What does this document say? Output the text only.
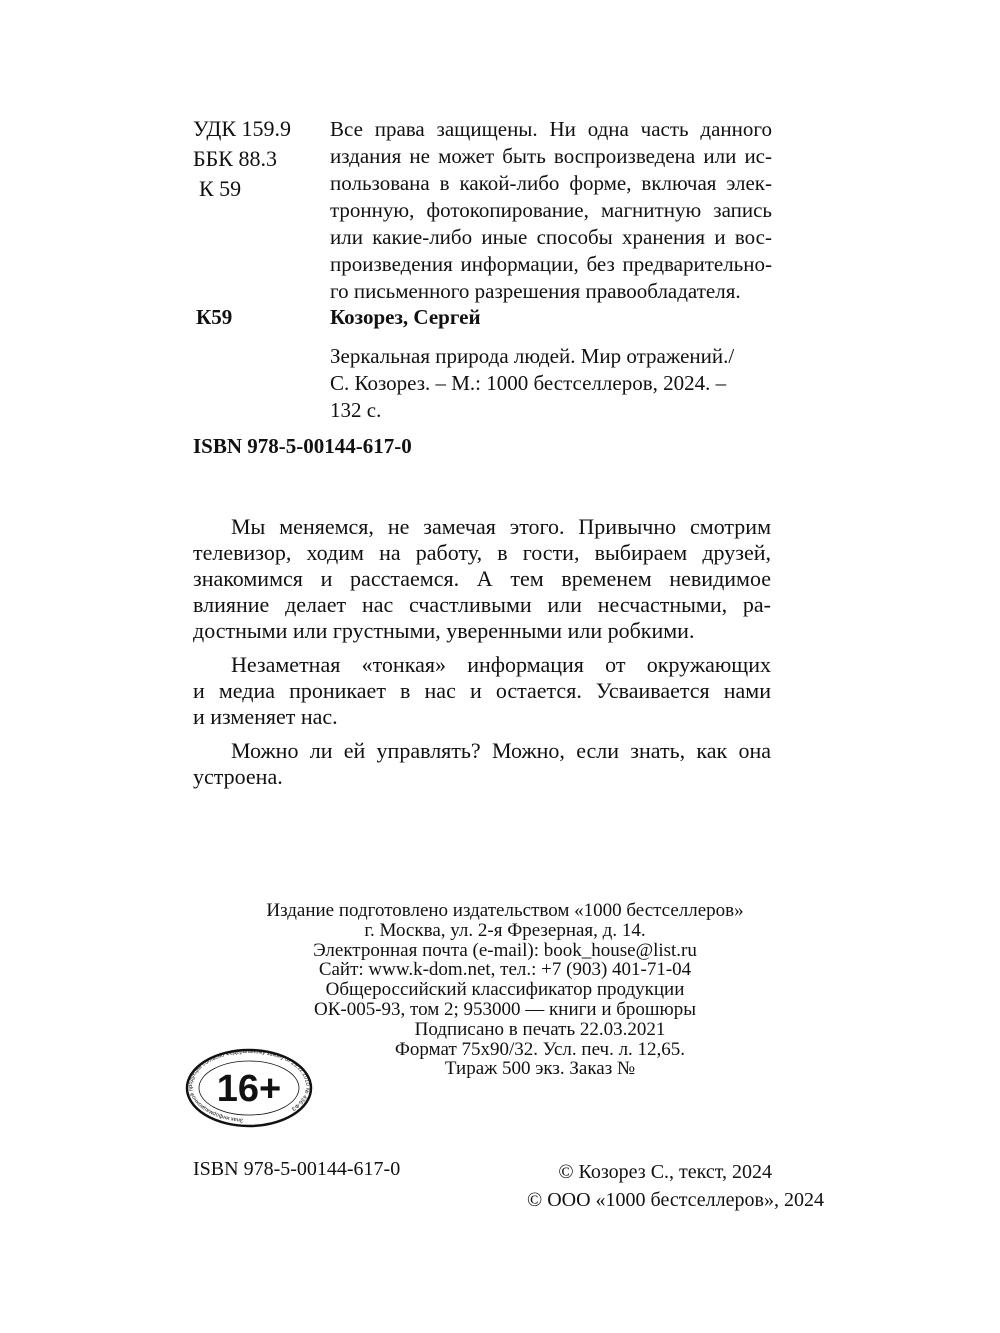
УДК 159.9
ББК 88.3
К 59
Все права защищены. Ни одна часть данного
издания не может быть воспроизведена или ис-
пользована в какой-либо форме, включая элек-
тронную, фотокопирование, магнитную запись
или какие-либо иные способы хранения и вос-
произведения информации, без предварительно-
го письменного разрешения правообладателя.
К59	Козорез, Сергей
Зеркальная природа людей. Мир отражений./
С. Козорез. – М.: 1000 бестселлеров, 2024. –
132 с.
ISBN 978-5-00144-617-0
Мы меняемся, не замечая этого. Привычно смотрим
телевизор, ходим на работу, в гости, выбираем друзей,
знакомимся и расстаемся. А тем временем невидимое
влияние делает нас счастливыми или несчастными, ра-
достными или грустными, уверенными или робкими.
Незаметная «тонкая» информация от окружающих
и медиа проникает в нас и остается. Усваивается нами
и изменяет нас.
Можно ли ей управлять? Можно, если знать, как она
устроена.
Издание подготовлено издательством «1000 бестселлеров»
г. Москва, ул. 2-я Фрезерная, д. 14.
Электронная почта (e-mail): book_house@list.ru
Сайт: www.k-dom.net, тел.: +7 (903) 401-71-04
Общероссийский классификатор продукции
ОК-005-93, том 2; 953000 — книги и брошюры
Подписано в печать 22.03.2021
Формат 75х90/32. Усл. печ. л. 12,65.
Тираж 500 экз. Заказ №
Знак информационной продукции согласно Федеральному закону от 29.12.2010 № 436-ФЗ
16+
ISBN 978-5-00144-617-0	© Козорез С., текст, 2024
© ООО «1000 бестселлеров», 2024
